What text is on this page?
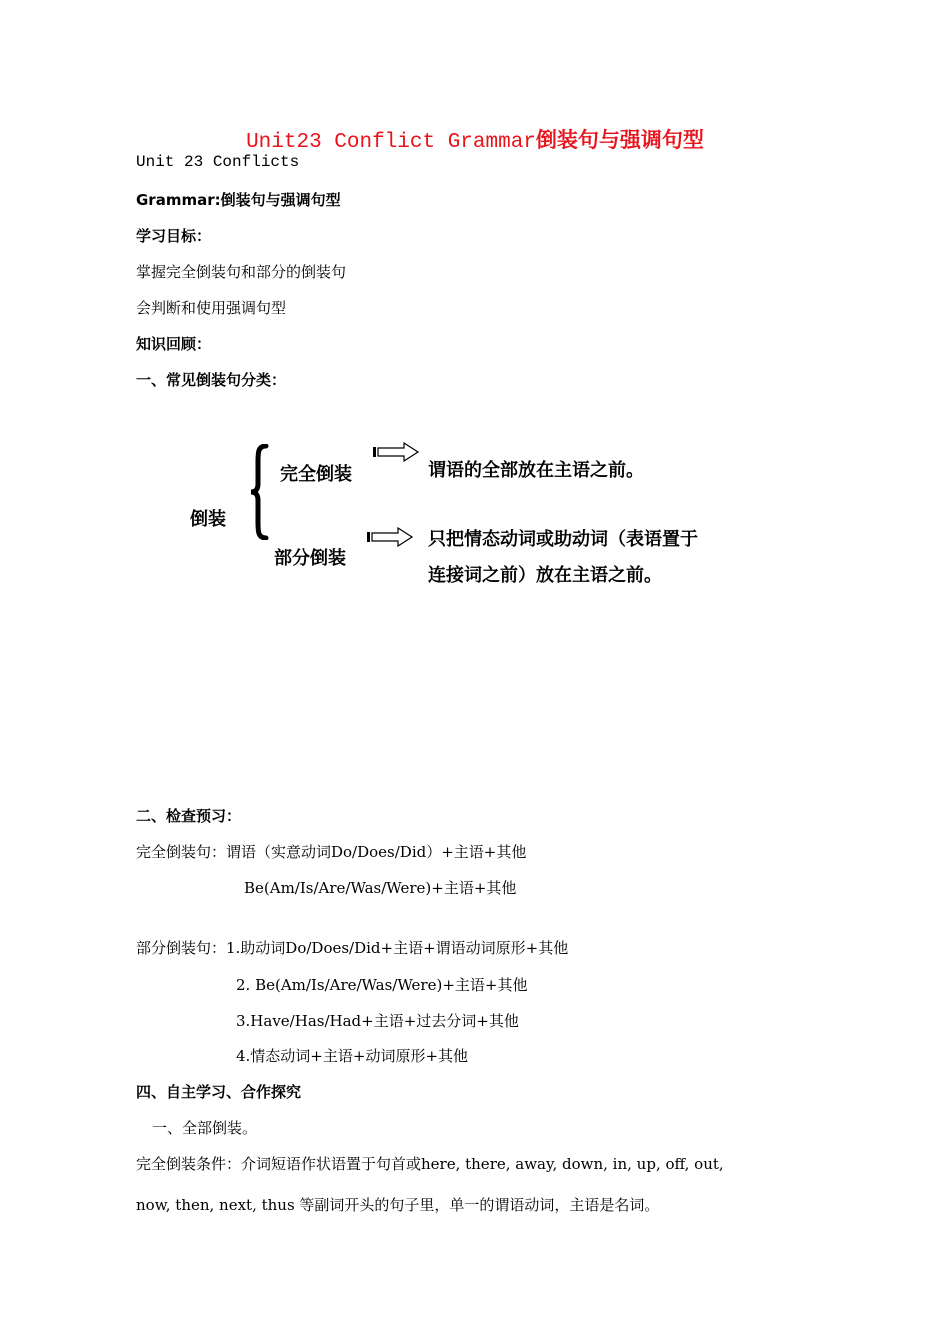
Unit23 Conflict Grammar倒装句与强调句型
Unit 23 Conflicts
Grammar:倒装句与强调句型
学习目标：
掌握完全倒装句和部分的倒装句
会判断和使用强调句型
知识回顾：
一、常见倒装句分类：
倒装
完全倒装
部分倒装
谓语的全部放在主语之前。
只把情态动词或助动词（表语置于
连接词之前）放在主语之前。
二、检查预习：
完全倒装句：谓语（实意动词Do/Does/Did）+主语+其他
Be(Am/Is/Are/Was/Were)+主语+其他
部分倒装句：1.助动词Do/Does/Did+主语+谓语动词原形+其他
2. Be(Am/Is/Are/Was/Were)+主语+其他
3.Have/Has/Had+主语+过去分词+其他
4.情态动词+主语+动词原形+其他
四、自主学习、合作探究
一、全部倒装。
完全倒装条件：介词短语作状语置于句首或here, there, away, down, in, up, off, out,
now, then, next, thus 等副词开头的句子里，单一的谓语动词，主语是名词。
